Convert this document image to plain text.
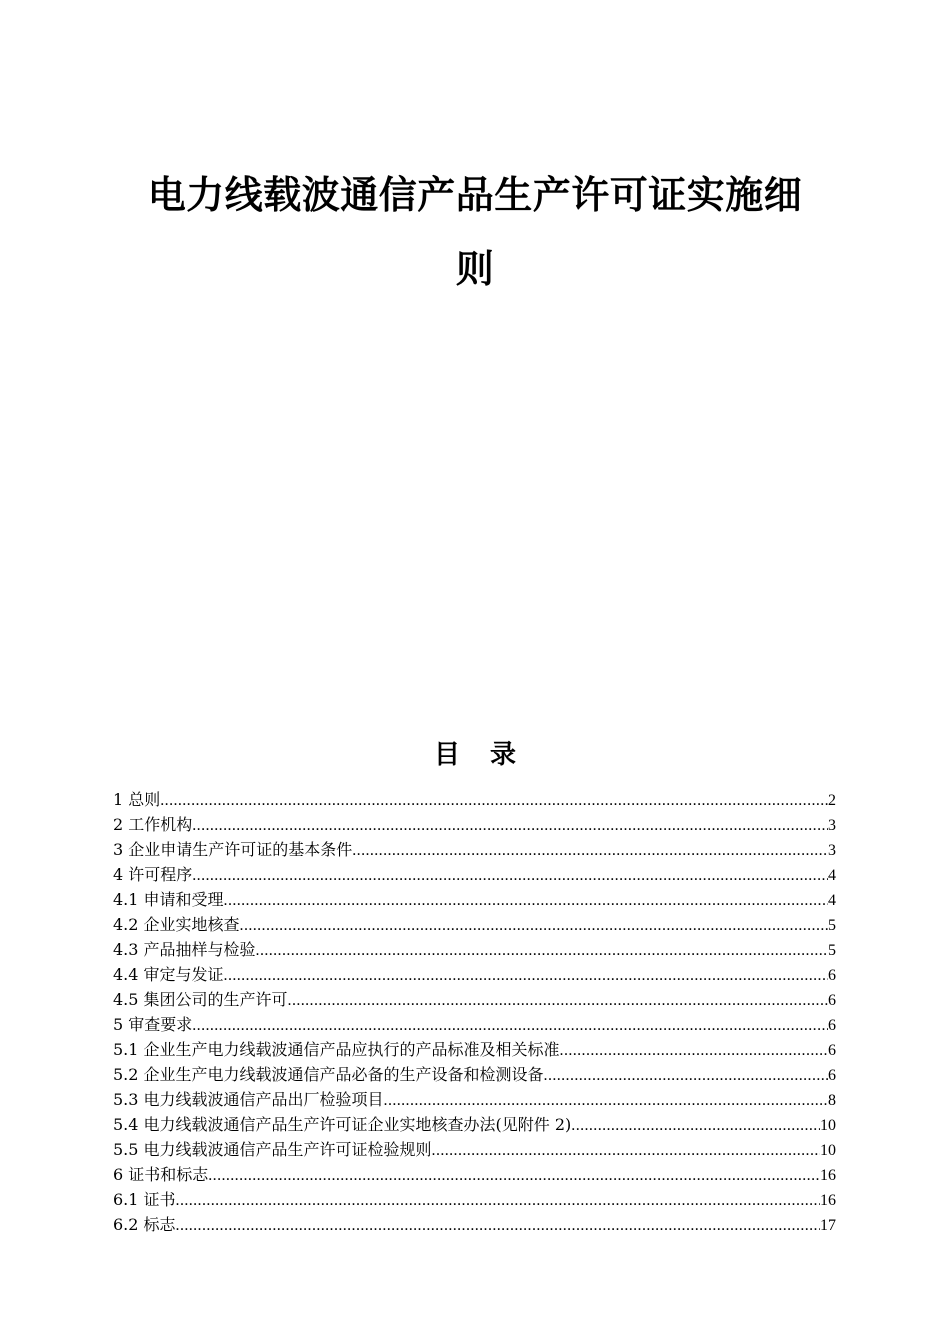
电力线载波通信产品生产许可证实施细
则
目录
1 总则 .....	2
2 工作机构 .....	3
3 企业申请生产许可证的基本条件 .....	3
4 许可程序 .....	4
4.1 申请和受理 .....	4
4.2 企业实地核查 .....	5
4.3 产品抽样与检验 .....	5
4.4 审定与发证 .....	6
4.5 集团公司的生产许可 .....	6
5 审查要求 .....	6
5.1 企业生产电力线载波通信产品应执行的产品标准及相关标准 .....	6
5.2 企业生产电力线载波通信产品必备的生产设备和检测设备 .....	6
5.3 电力线载波通信产品出厂检验项目 .....	8
5.4 电力线载波通信产品生产许可证企业实地核查办法(见附件 2) .....	10
5.5 电力线载波通信产品生产许可证检验规则 .....	10
6 证书和标志 .....	16
6.1 证书 .....	16
6.2 标志 .....	17
